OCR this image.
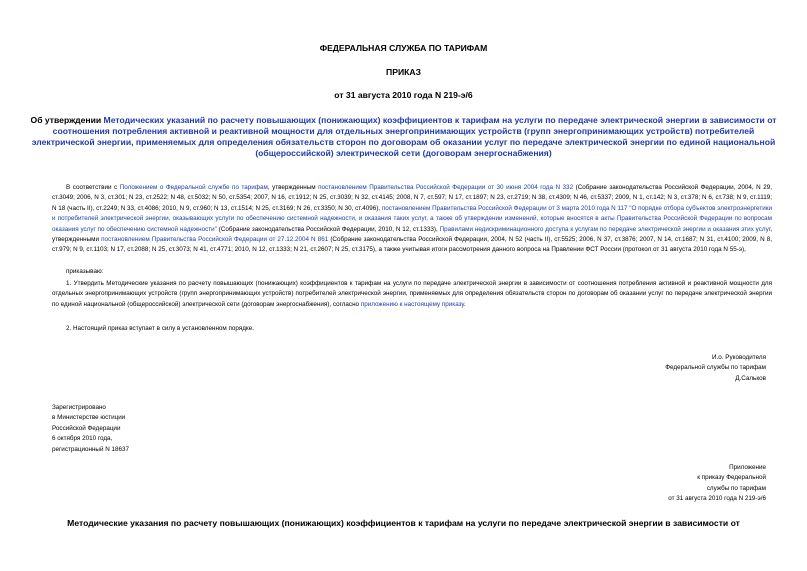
ФЕДЕРАЛЬНАЯ СЛУЖБА ПО ТАРИФАМ
ПРИКАЗ
от 31 августа 2010 года N 219-э/6
Об утверждении Методических указаний по расчету повышающих (понижающих) коэффициентов к тарифам на услуги по передаче электрической энергии в зависимости от соотношения потребления активной и реактивной мощности для отдельных энергопринимающих устройств (групп энергопринимающих устройств) потребителей электрической энергии, применяемых для определения обязательств сторон по договорам об оказании услуг по передаче электрической энергии по единой национальной (общероссийской) электрической сети (договорам энергоснабжения)
В соответствии с Положением о Федеральной службе по тарифам, утвержденным постановлением Правительства Российской Федерации от 30 июня 2004 года N 332 (Собрание законодательства Российской Федерации, 2004, N 29, ст.3049; 2006, N 3, ст.301; N 23, ст.2522; N 48, ст.5032; N 50, ст.5354; 2007, N 16, ст.1912; N 25, ст.3039; N 32, ст.4145; 2008, N 7, ст.597; N 17, ст.1897; N 23, ст.2719; N 38, ст.4309; N 46, ст.5337; 2009, N 1, ст.142; N 3, ст.378; N 6, ст.738; N 9, ст.1119; N 18 (часть II), ст.2249; N 33, ст.4086; 2010, N 9, ст.960; N 13, ст.1514; N 25, ст.3169; N 26, ст.3350; N 30, ст.4096), постановлением Правительства Российской Федерации от 3 марта 2010 года N 117 "О порядке отбора субъектов электроэнергетики и потребителей электрической энергии, оказывающих услуги по обеспечению системной надежности, и оказания таких услуг, а также об утверждении изменений, которые вносятся в акты Правительства Российской Федерации по вопросам оказания услуг по обеспечению системной надежности" (Собрание законодательства Российской Федерации, 2010, N 12, ст.1333), Правилами недискриминационного доступа к услугам по передаче электрической энергии и оказания этих услуг, утвержденными постановлением Правительства Российской Федерации от 27.12.2004 N 861 (Собрание законодательства Российской Федерации, 2004, N 52 (часть II), ст.5525; 2006, N 37, ст.3876; 2007, N 14, ст.1687; N 31, ст.4100; 2009, N 8, ст.979; N 9, ст.1103; N 17, ст.2088; N 25, ст.3073; N 41, ст.4771; 2010, N 12, ст.1333; N 21, ст.2607; N 25, ст.3175), а также учитывая итоги рассмотрения данного вопроса на Правлении ФСТ России (протокол от 31 августа 2010 года N 55-э),
приказываю:
1. Утвердить Методические указания по расчету повышающих (понижающих) коэффициентов к тарифам на услуги по передаче электрической энергии в зависимости от соотношения потребления активной и реактивной мощности для отдельных энергопринимающих устройств (групп энергопринимающих устройств) потребителей электрической энергии, применяемых для определения обязательств сторон по договорам об оказании услуг по передаче электрической энергии по единой национальной (общероссийской) электрической сети (договорам энергоснабжения), согласно приложению к настоящему приказу.
2. Настоящий приказ вступает в силу в установленном порядке.
И.о. Руководителя
Федеральной службы по тарифам
Д.Сальков
Зарегистрировано
в Министерстве юстиции
Российской Федерации
6 октября 2010 года,
регистрационный N 18637
Приложение
к приказу Федеральной
службы по тарифам
от 31 августа 2010 года N 219-э/6
Методические указания по расчету повышающих (понижающих) коэффициентов к тарифам на услуги по передаче электрической энергии в зависимости от
